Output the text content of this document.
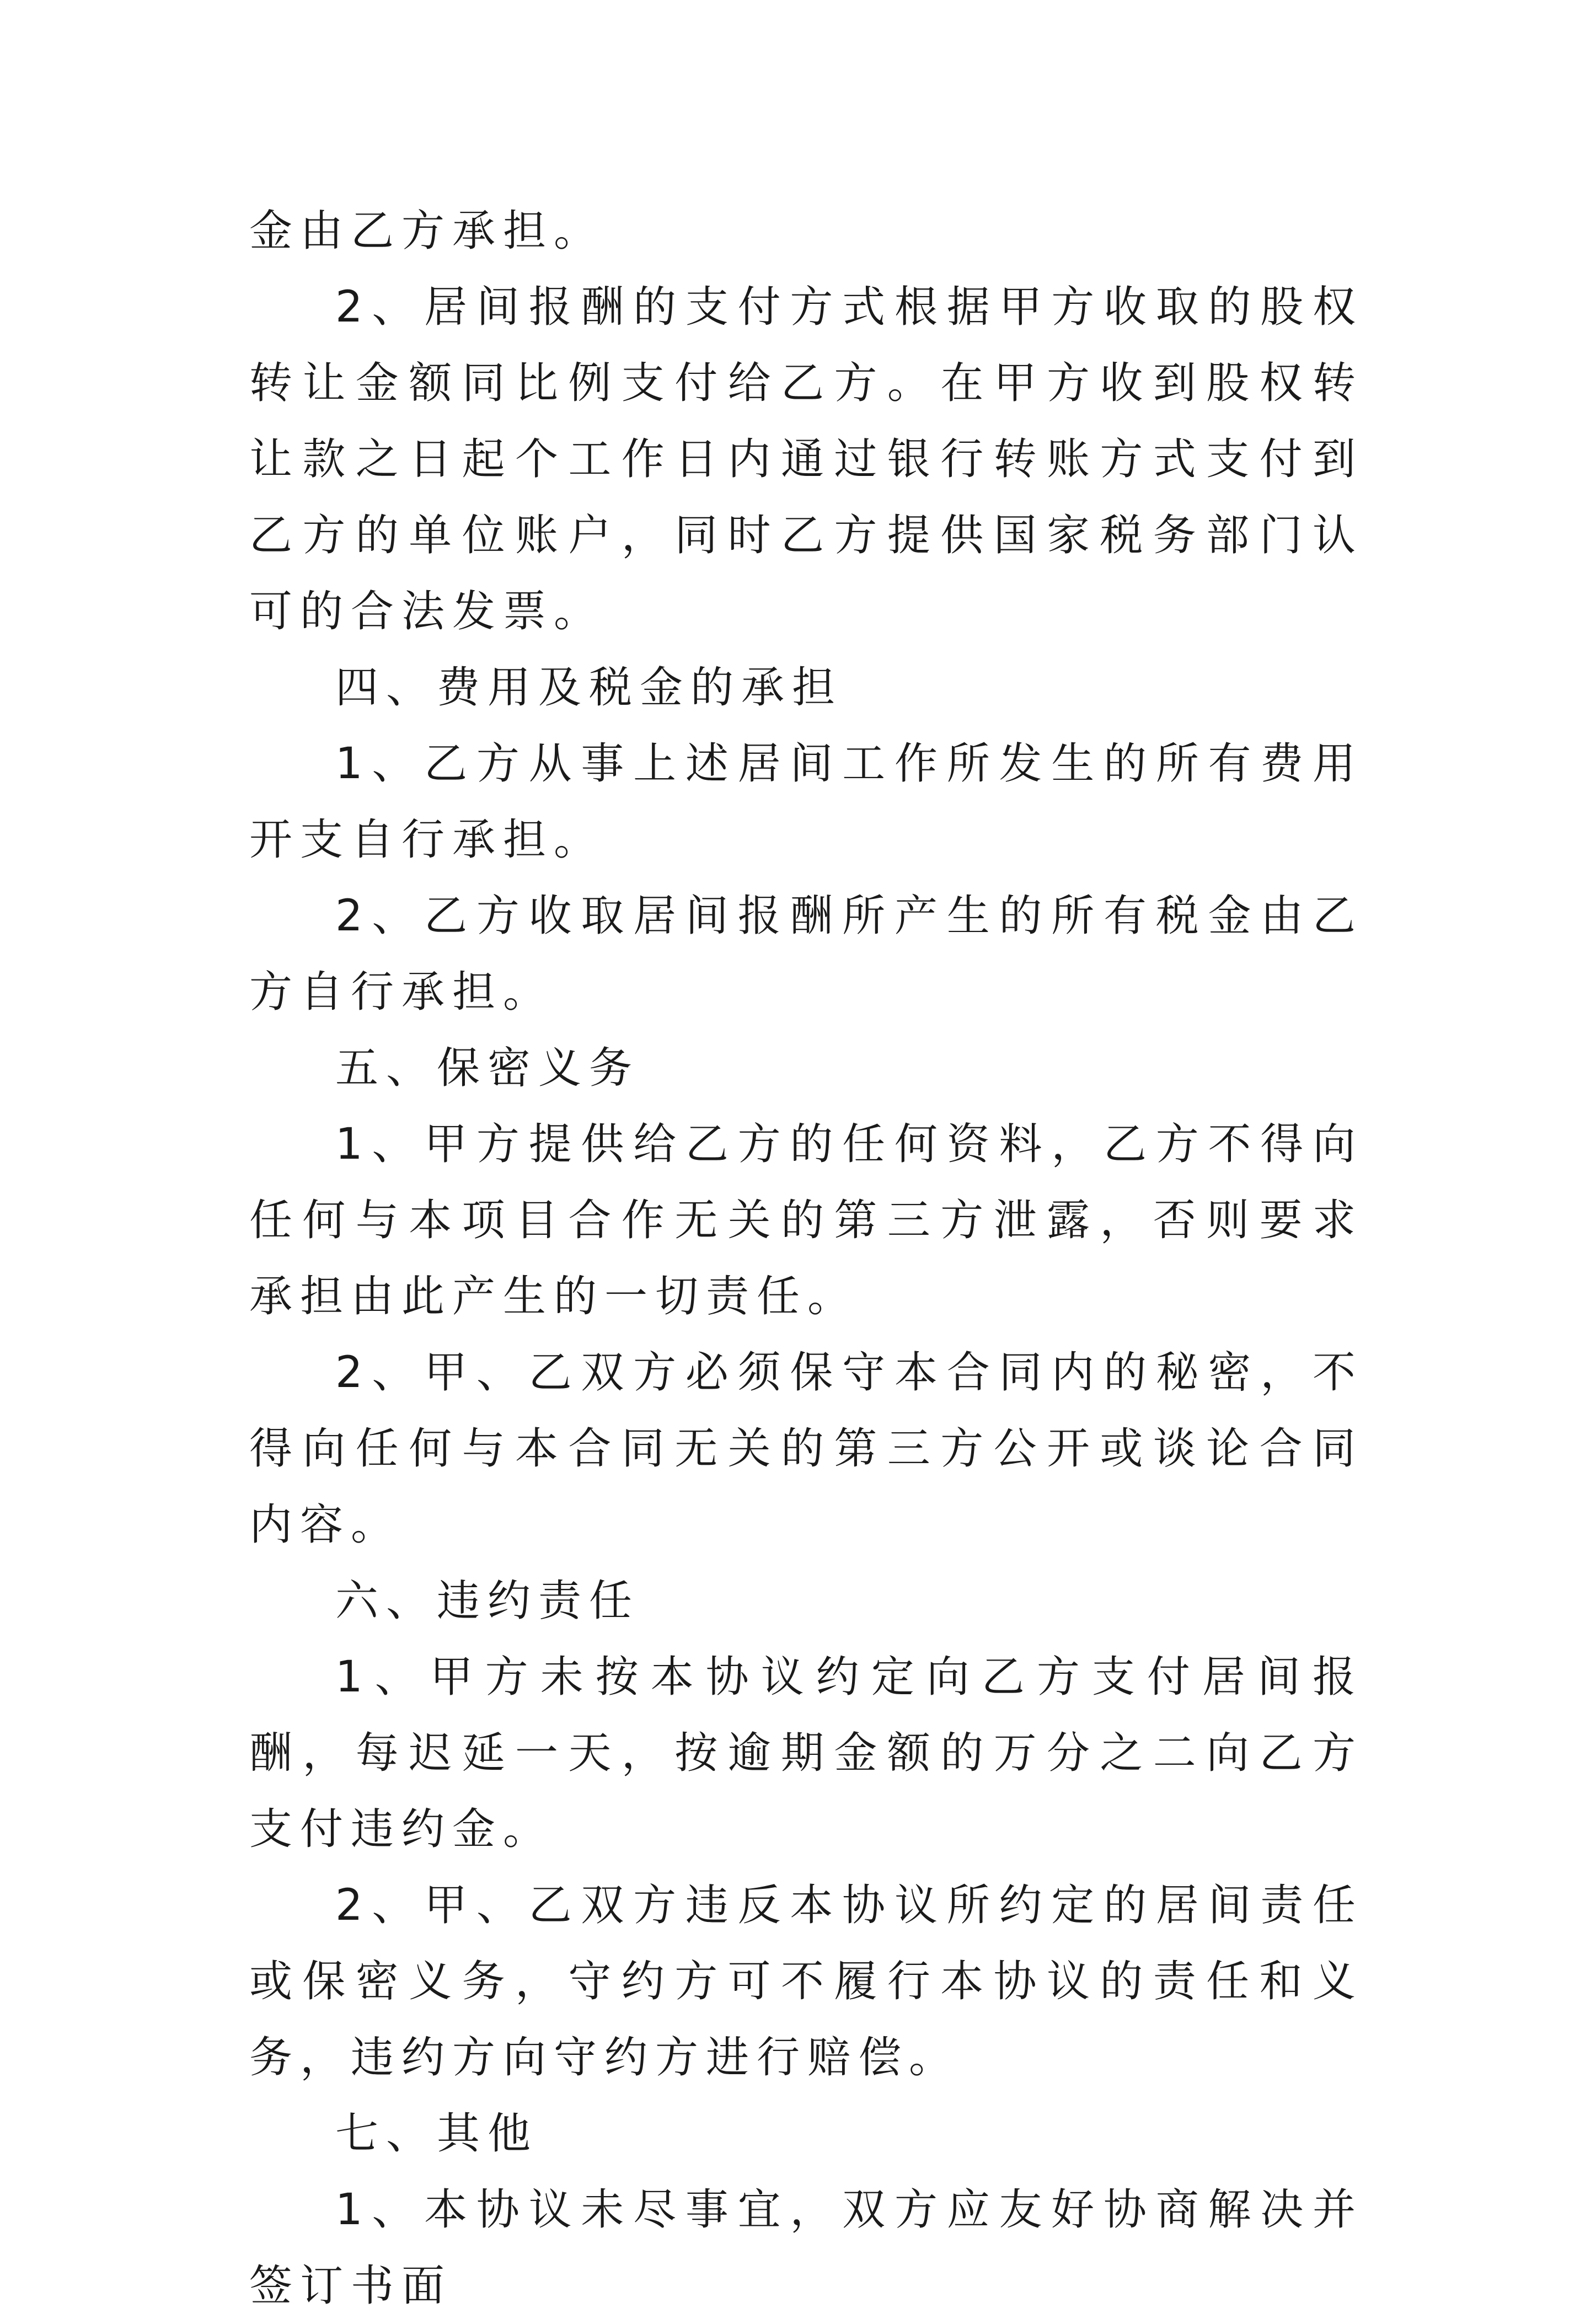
金由乙方承担。

2、居间报酬的支付方式根据甲方收取的股权转让金额同比例支付给乙方。在甲方收到股权转让款之日起个工作日内通过银行转账方式支付到乙方的单位账户，同时乙方提供国家税务部门认可的合法发票。

四、费用及税金的承担

1、乙方从事上述居间工作所发生的所有费用开支自行承担。

2、乙方收取居间报酬所产生的所有税金由乙方自行承担。

五、保密义务

1、甲方提供给乙方的任何资料，乙方不得向任何与本项目合作无关的第三方泄露，否则要求承担由此产生的一切责任。

2、甲、乙双方必须保守本合同内的秘密，不得向任何与本合同无关的第三方公开或谈论合同内容。

六、违约责任

1、甲方未按本协议约定向乙方支付居间报酬，每迟延一天，按逾期金额的万分之二向乙方支付违约金。

2、甲、乙双方违反本协议所约定的居间责任或保密义务，守约方可不履行本协议的责任和义务，违约方向守约方进行赔偿。

七、其他

1、本协议未尽事宜，双方应友好协商解决并签订书面
